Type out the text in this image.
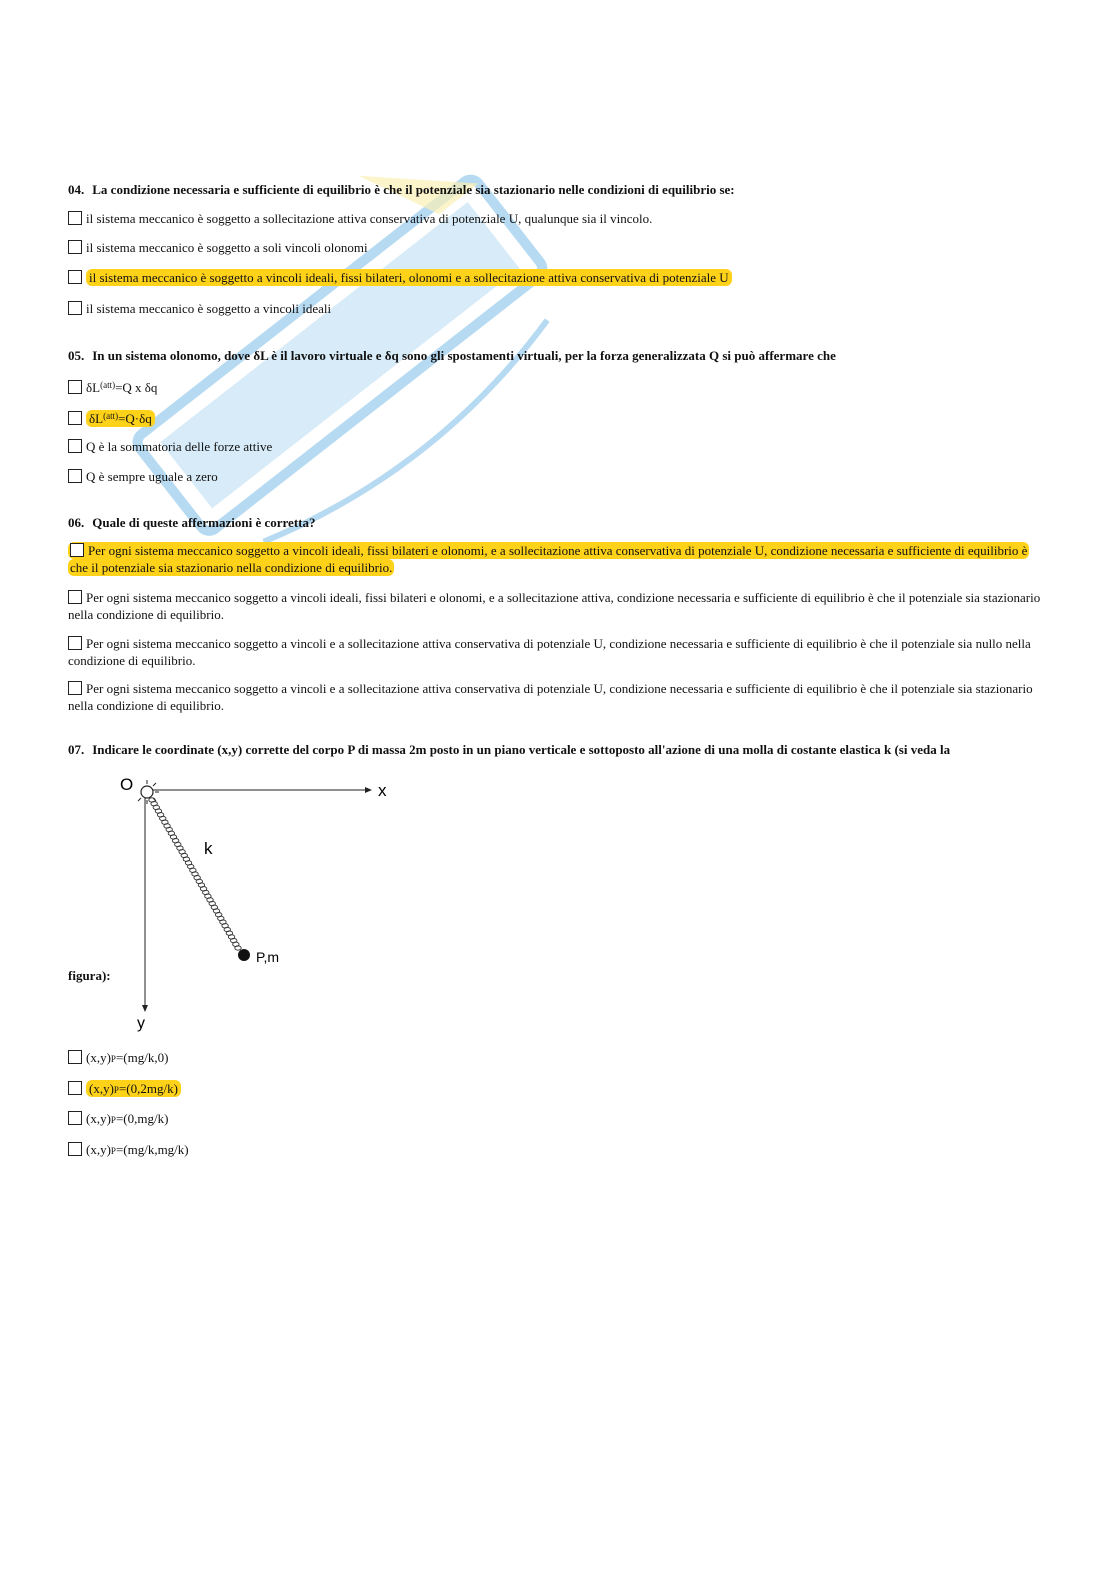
04. La condizione necessaria e sufficiente di equilibrio è che il potenziale sia stazionario nelle condizioni di equilibrio se:
il sistema meccanico è soggetto a sollecitazione attiva conservativa di potenziale U, qualunque sia il vincolo.
il sistema meccanico è soggetto a soli vincoli olonomi
il sistema meccanico è soggetto a vincoli ideali, fissi bilateri, olonomi e a sollecitazione attiva conservativa di potenziale U
il sistema meccanico è soggetto a vincoli ideali
05. In un sistema olonomo, dove δL è il lavoro virtuale e δq sono gli spostamenti virtuali, per la forza generalizzata Q si può affermare che
$\delta L^{(att)}=Q$ x δq
$\delta L^{(att)}=Q\cdot\delta q$
Q è la sommatoria delle forze attive
Q è sempre uguale a zero
06. Quale di queste affermazioni è corretta?
Per ogni sistema meccanico soggetto a vincoli ideali, fissi bilateri e olonomi, e a sollecitazione attiva conservativa di potenziale U, condizione necessaria e sufficiente di equilibrio è che il potenziale sia stazionario nella condizione di equilibrio.
Per ogni sistema meccanico soggetto a vincoli ideali, fissi bilateri e olonomi, e a sollecitazione attiva, condizione necessaria e sufficiente di equilibrio è che il potenziale sia stazionario nella condizione di equilibrio.
Per ogni sistema meccanico soggetto a vincoli e a sollecitazione attiva conservativa di potenziale U, condizione necessaria e sufficiente di equilibrio è che il potenziale sia nullo nella condizione di equilibrio.
Per ogni sistema meccanico soggetto a vincoli e a sollecitazione attiva conservativa di potenziale U, condizione necessaria e sufficiente di equilibrio è che il potenziale sia stazionario nella condizione di equilibrio.
07. Indicare le coordinate (x,y) corrette del corpo P di massa 2m posto in un piano verticale e sottoposto all'azione di una molla di costante elastica k (si veda la
O	x
y
k
P,m
figura):
(x,y)P=(mg/k,0)
(x,y)P=(0,2mg/k)
(x,y)P=(0,mg/k)
(x,y)P=(mg/k,mg/k)
